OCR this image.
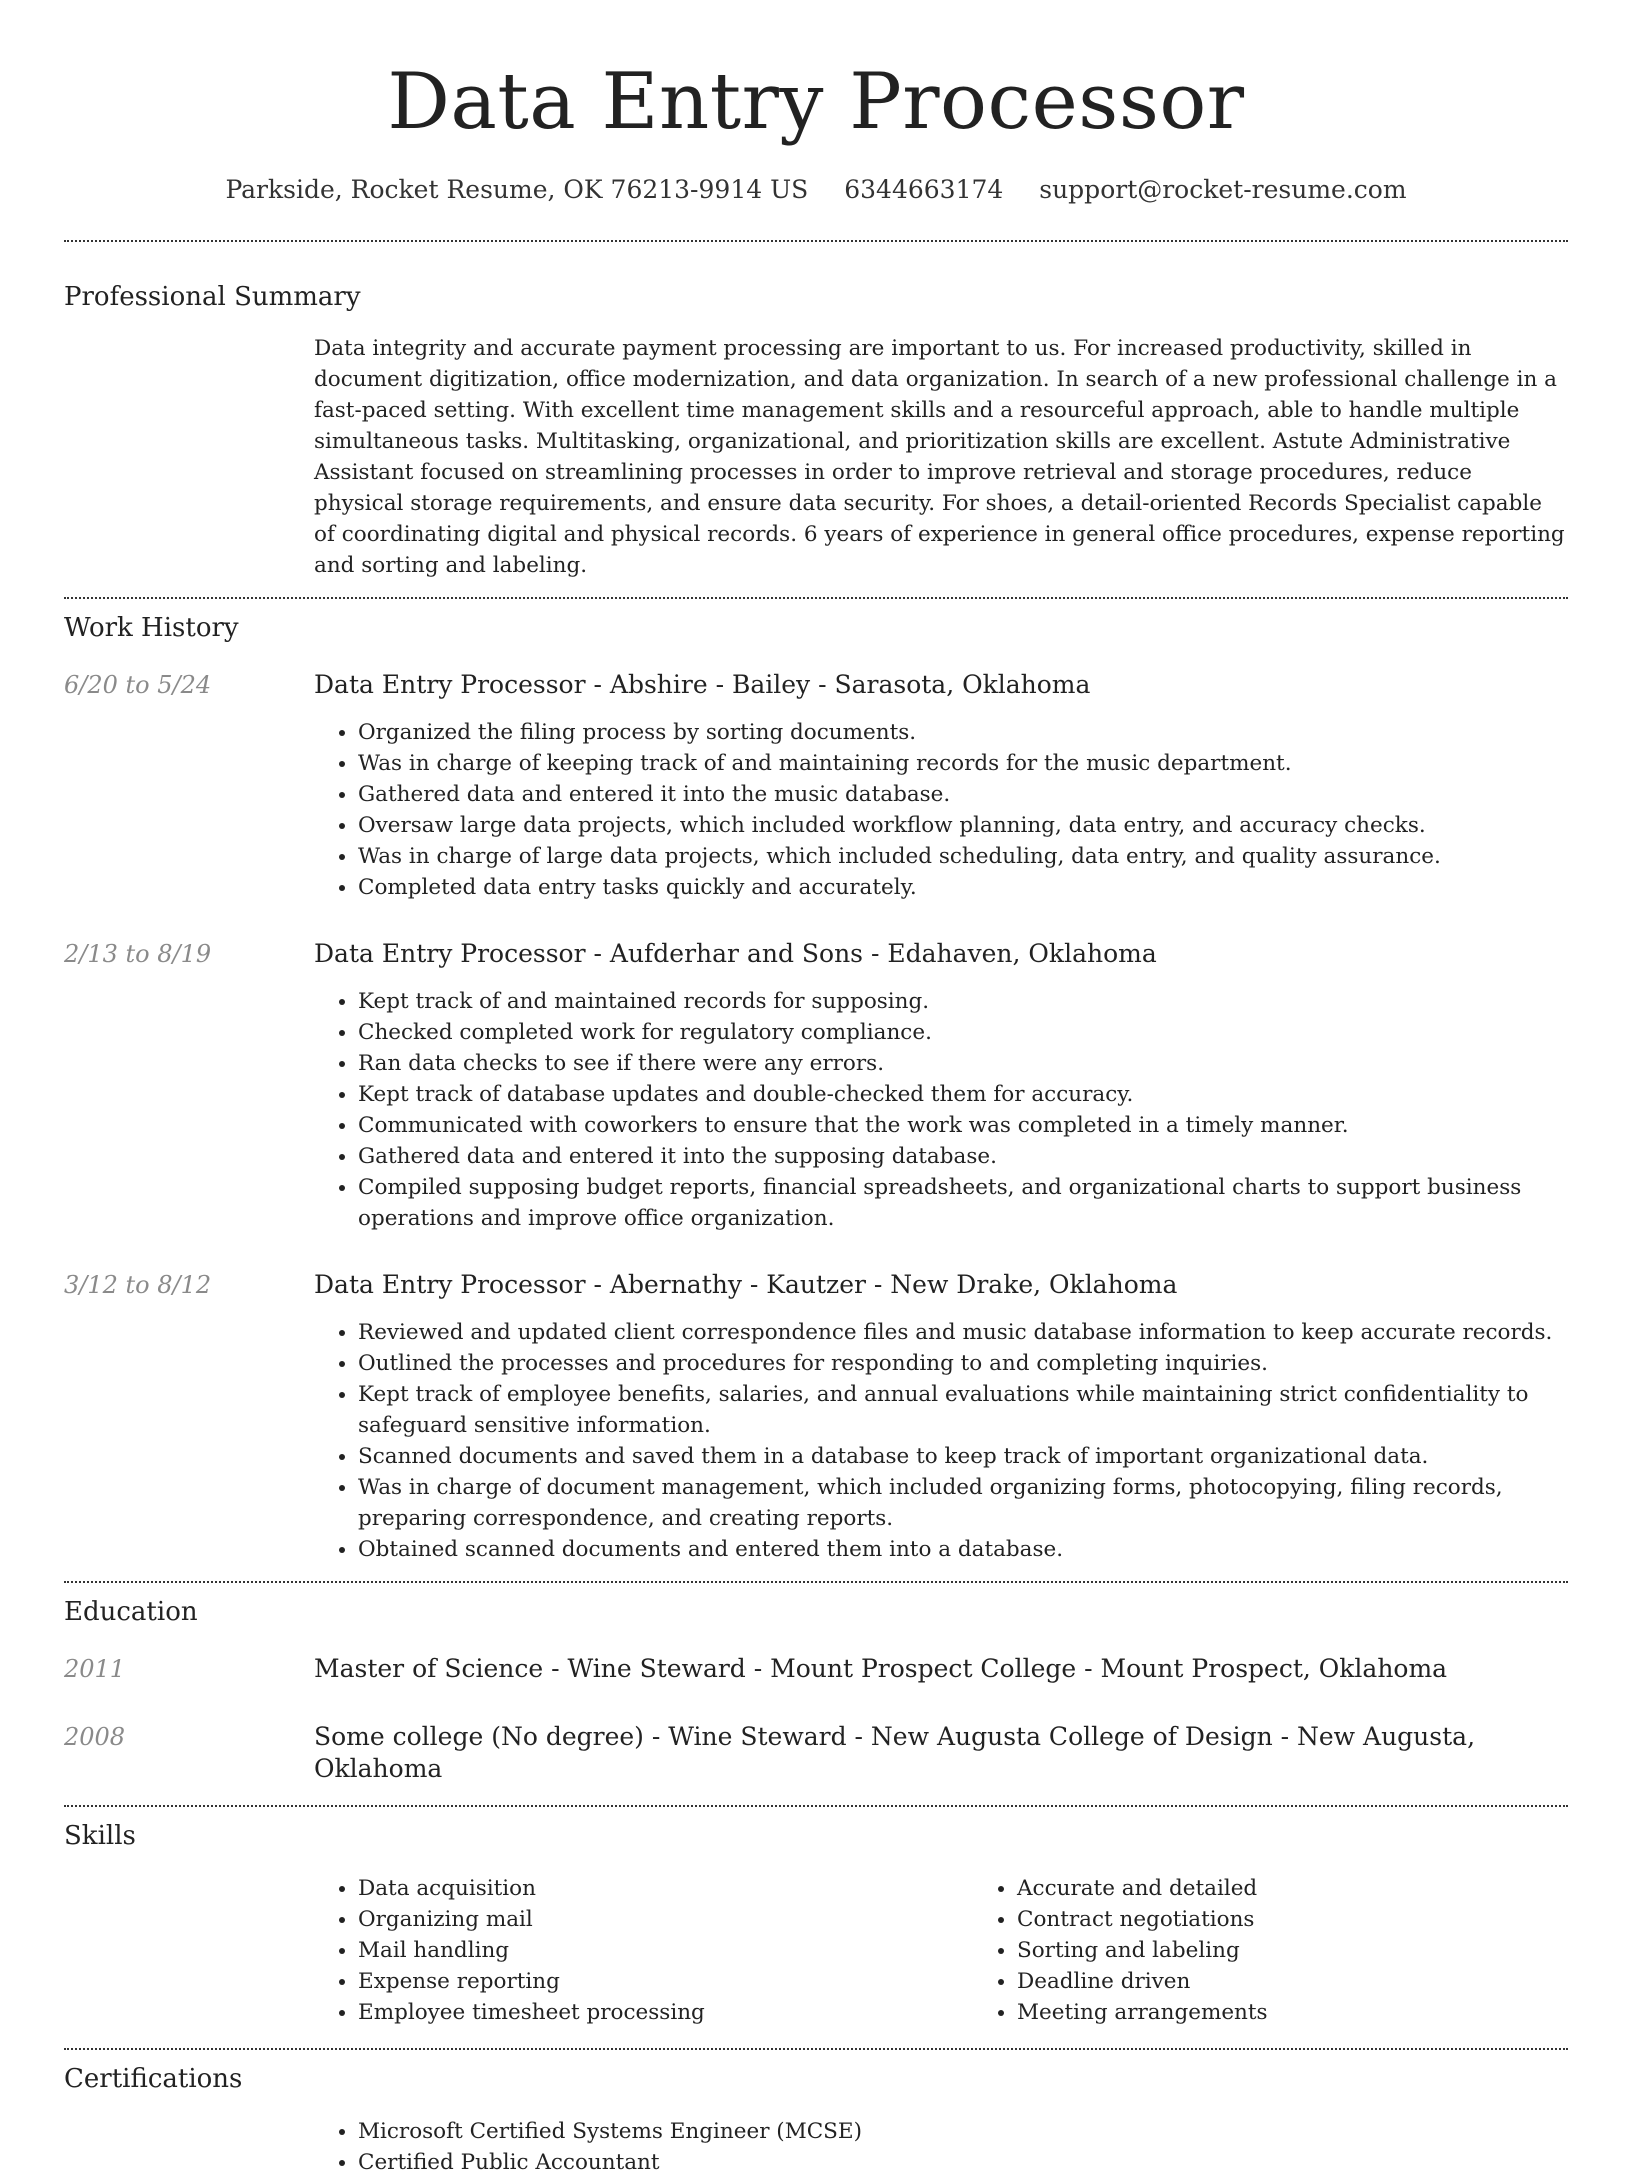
Data Entry Processor
Parkside, Rocket Resume, OK 76213-9914 US 6344663174 support@rocket-resume.com
Professional Summary

Data integrity and accurate payment processing are important to us. For increased productivity, skilled in document digitization, office modernization, and data organization. In search of a new professional challenge in a fast-paced setting. With excellent time management skills and a resourceful approach, able to handle multiple simultaneous tasks. Multitasking, organizational, and prioritization skills are excellent. Astute Administrative Assistant focused on streamlining processes in order to improve retrieval and storage procedures, reduce physical storage requirements, and ensure data security. For shoes, a detail-oriented Records Specialist capable of coordinating digital and physical records. 6 years of experience in general office procedures, expense reporting and sorting and labeling.

Work History
6/20 to 5/24	Data Entry Processor - Abshire - Bailey - Sarasota, Oklahoma
• Organized the filing process by sorting documents.
• Was in charge of keeping track of and maintaining records for the music department.
• Gathered data and entered it into the music database.
• Oversaw large data projects, which included workflow planning, data entry, and accuracy checks.
• Was in charge of large data projects, which included scheduling, data entry, and quality assurance.
• Completed data entry tasks quickly and accurately.
2/13 to 8/19	Data Entry Processor - Aufderhar and Sons - Edahaven, Oklahoma
• Kept track of and maintained records for supposing.
• Checked completed work for regulatory compliance.
• Ran data checks to see if there were any errors.
• Kept track of database updates and double-checked them for accuracy.
• Communicated with coworkers to ensure that the work was completed in a timely manner.
• Gathered data and entered it into the supposing database.
• Compiled supposing budget reports, financial spreadsheets, and organizational charts to support business operations and improve office organization.
3/12 to 8/12	Data Entry Processor - Abernathy - Kautzer - New Drake, Oklahoma
• Reviewed and updated client correspondence files and music database information to keep accurate records.
• Outlined the processes and procedures for responding to and completing inquiries.
• Kept track of employee benefits, salaries, and annual evaluations while maintaining strict confidentiality to safeguard sensitive information.
• Scanned documents and saved them in a database to keep track of important organizational data.
• Was in charge of document management, which included organizing forms, photocopying, filing records, preparing correspondence, and creating reports.
• Obtained scanned documents and entered them into a database.
Education
2011	Master of Science - Wine Steward - Mount Prospect College - Mount Prospect, Oklahoma
2008	Some college (No degree) - Wine Steward - New Augusta College of Design - New Augusta, Oklahoma
Skills
• Data acquisition
• Organizing mail
• Mail handling
• Expense reporting
• Employee timesheet processing
• Accurate and detailed
• Contract negotiations
• Sorting and labeling
• Deadline driven
• Meeting arrangements
Certifications
• Microsoft Certified Systems Engineer (MCSE)
• Certified Public Accountant
